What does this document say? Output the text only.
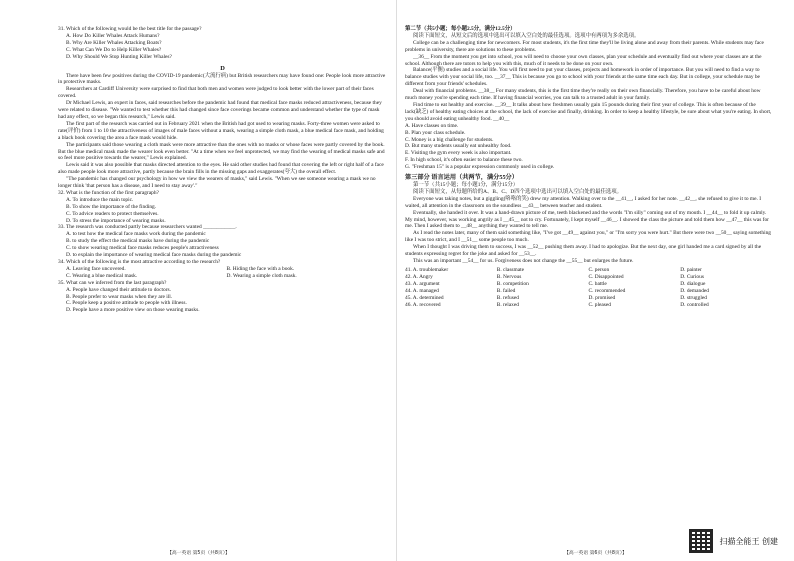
31. Which of the following would be the best title for the passage?

A. How Do Killer Whales Attack Humans?

B. Why Are Killer Whales Attacking Boats?

C. What Can We Do to Help Killer Whales?

D. Why Should We Stop Hunting Killer Whales?

D

There have been few positives during the COVID-19 pandemic(大流行病) but British researchers may have found one: People look more attractive in protective masks.

Researchers at Cardiff University were surprised to find that both men and women were judged to look better with the lower part of their faces covered.

Dr Michael Lewis, an expert in faces, said researches before the pandemic had found that medical face masks reduced attractiveness, because they were related to disease. "We wanted to test whether this had changed since face coverings became common and understand whether the type of mask had any effect, so we began this research," Lewis said.

The first part of the research was carried out in February 2021 when the British had got used to wearing masks. Forty-three women were asked to rate(评价) from 1 to 10 the attractiveness of images of male faces without a mask, wearing a simple cloth mask, a blue medical face mask, and holding a black book covering the area a face mask would hide.

The participants said those wearing a cloth mask were more attractive than the ones with no masks or whose faces were partly covered by the book. But the blue medical mask made the wearer look even better. "At a time when we feel unprotected, we may find the wearing of medical masks safe and so feel more positive towards the wearer," Lewis explained.

Lewis said it was also possible that masks directed attention to the eyes. He said other studies had found that covering the left or right half of a face also made people look more attractive, partly because the brain fills in the missing gaps and exaggerates(夸大) the overall effect.

"The pandemic has changed our psychology in how we view the wearers of masks," said Lewis. "When we see someone wearing a mask we no longer think 'that person has a disease, and I need to stay away'."

32. What is the function of the first paragraph?

A. To introduce the main topic.

B. To show the importance of the finding.

C. To advice readers to protect themselves.

D. To stress the importance of wearing masks.

33. The research was conducted partly because researchers wanted ____________.

A. to test how the medical face masks work during the pandemic

B. to study the effect the medical masks have during the pandemic

C. to show wearing medical face masks reduces people's attractiveness

D. to explain the importance of wearing medical face masks during the pandemic

34. Which of the following is the most attractive according to the research?

A. Leaving face uncovered.	B. Hiding the face with a book.
C. Wearing a blue medical mask.	D. Wearing a simple cloth mask.

35. What can we inferred from the last paragraph?

A. People have changed their attitude to doctors.

B. People prefer to wear masks when they are ill.

C. People keep a positive attitude to people with illness.

D. People have a more positive view on those wearing masks.

【高一英语 第5页（共8页）】

第二节（共5小题；每小题2.5分，满分12.5分）

阅读下面短文，从短文后的选项中选出可以填入空白处的最佳选项。选项中有两项为多余选项。

College can be a challenging time for newcomers. For most students, it's the first time they'll be living alone and away from their parents. While students may face problems in university, there are solutions to these problems.

__36__ From the moment you get into school, you will need to choose your own classes, plan your schedule and eventually find out where your classes are at the school. Although there are tutors to help you with this, much of it needs to be done on your own.

Balance(平衡) studies and a social life. You will first need to put your classes, projects and homework in order of importance. But you will need to find a way to balance studies with your social life, too. __37__ This is because you go to school with your friends at the same time each day. But in college, your schedule may be different from your friends' schedules.

Deal with financial problems. __38__ For many students, this is the first time they're really on their own financially. Therefore, you have to be careful about how much money you're spending each time. If having financial worries, you can talk to a trusted adult in your family.

Find time to eat healthy and exercise. __39__ It talks about how freshmen usually gain 15 pounds during their first year of college. This is often because of the lack(缺乏) of healthy eating choices at the school, the lack of exercise and finally, drinking. In order to keep a healthy lifestyle, be sure about what you're eating. In short, you should avoid eating unhealthy food. __40__

A. Have classes on time.

B. Plan your class schedule.

C. Money is a big challenge for students.

D. But many students usually eat unhealthy food.

E. Visiting the gym every week is also important.

F. In high school, it's often easier to balance these two.

G. "Freshman 15" is a popular expression commonly used in college.

第三部分 语言运用（共两节，满分55分）

第一节（共15小题；每小题1分，满分15分）

阅读下面短文，从每题所给的A、B、C、D四个选项中选出可以填入空白处的最佳选项。

Everyone was taking notes, but a giggling(咯咯的笑) drew my attention. Walking over to the __41__, I asked for her note. __42__, she refused to give it to me. I waited, all attention in the classroom on the soundless __43__ between teacher and student.

Eventually, she handed it over. It was a hand-drawn picture of me, teeth blackened and the words "I'm silly" coming out of my mouth. I __44__ to fold it up calmly. My mind, however, was working angrily as I __45__ not to cry. Fortunately, I kept myself __46__. I showed the class the picture and told them how __47__ this was for me. Then I asked them to __48__ anything they wanted to tell me.

As I read the notes later, many of them said something like, "I've got __49__ against you," or "I'm sorry you were hurt." But there were two __50__ saying something like I was too strict, and I __51__ some people too much.

When I thought I was driving them to success, I was __52__ pushing them away. I had to apologize. But the next day, one girl handed me a card signed by all the students expressing regret for the joke and asked for __53__.

This was an important __54__ for us. Forgiveness does not change the __55__ but enlarges the future.

41. A. troublemaker	B. classmate	C. person	D. painter
42. A. Angry	B. Nervous	C. Disappointed	D. Curious
43. A. argument	B. competition	C. battle	D. dialogue
44. A. managed	B. failed	C. recommended	D. demanded
45. A. determined	B. refused	D. promised	D. struggled
46. A. recovered	B. relaxed	C. pleased	D. controlled
【高一英语 第6页（共8页）】
扫描全能王 创建
